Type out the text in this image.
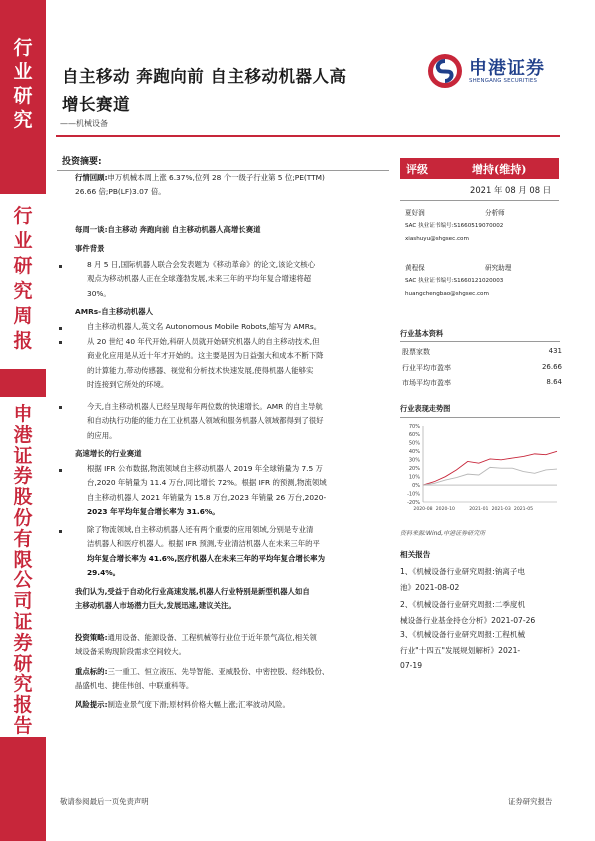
行
业
研
究
行
业
研
究
周
报
申
港
证
券
股
份
有
限
公
司
证
券
研
究
报
告
自主移动 奔跑向前 自主移动机器人高
增长赛道
——机械设备
申港证券
SHENGANG SECURITIES
投资摘要:
行情回顾:申万机械本周上涨 6.37%,位列 28 个一级子行业第 5 位;PE(TTM)
26.66 倍;PB(LF)3.07 倍。
每周一谈:自主移动 奔跑向前 自主移动机器人高增长赛道
事件背景
8 月 5 日,国际机器人联合会发表题为《移动革命》的论文,该论文核心
观点为移动机器人正在全球蓬勃发展,未来三年的平均年复合增速将超
30%。
AMRs-自主移动机器人
自主移动机器人,英文名 Autonomous Mobile Robots,缩写为 AMRs。
从 20 世纪 40 年代开始,科研人员就开始研究机器人的自主移动技术,但
商业化应用是从近十年才开始的。这主要是因为日益强大和成本不断下降
的计算能力,带动传感器、视觉和分析技术快速发展,使得机器人能够实
时连接到它所处的环境。
今天,自主移动机器人已经呈现每年两位数的快速增长。AMR 的自主导航
和自动执行功能的能力在工业机器人领域和服务机器人领域都得到了很好
的应用。
高速增长的行业赛道
根据 IFR 公布数据,物流领域自主移动机器人 2019 年全球销量为 7.5 万
台,2020 年销量为 11.4 万台,同比增长 72%。根据 IFR 的预测,物流领域
自主移动机器人 2021 年销量为 15.8 万台,2023 年销量 26 万台,2020-
2023 年平均年复合增长率为 31.6%。
除了物流领域,自主移动机器人还有两个重要的应用领域,分别是专业清
洁机器人和医疗机器人。根据 IFR 预测,专业清洁机器人在未来三年的平
均年复合增长率为 41.6%,医疗机器人在未来三年的平均年复合增长率为
29.4%。
我们认为,受益于自动化行业高速发展,机器人行业特别是新型机器人如自
主移动机器人市场潜力巨大,发展迅速,建议关注。
投资策略:通用设备、能源设备、工程机械等行业位于近年景气高位,相关领
域设备采购现阶段需求空间较大。
重点标的:三一重工、恒立液压、先导智能、亚威股份、中密控股、经纬股份、
晶盛机电、捷佳伟创、中联重科等。
风险提示:制造业景气度下滑;原材料价格大幅上涨;汇率波动风险。
评级	增持(维持)
2021 年 08 月 08 日
夏好润	分析师

SAC 执业证书编号:S1660519070002
xiashuyu@shgsec.com
黄程保	研究助理

SAC 执业证书编号:S1660121020003
huangchengbao@shgsec.com
行业基本资料
股票家数	431
行业平均市盈率	26.66
市场平均市盈率	8.64
行业表现走势图
-20%
-10%
0%
10%
20%
30%
40%
50%
60%
70%
2020-08 2020-10	2021-01 2021-03 2021-05
资料来源:Wind,申港证券研究所
相关报告
1、《机械设备行业研究周报:钠离子电
池》2021-08-02
2、《机械设备行业研究周报:二季度机
械设备行业基金持仓分析》2021-07-26
3、《机械设备行业研究周报:工程机械
行业"十四五"发展规划解析》2021-
07-19
敬请参阅最后一页免责声明	证券研究报告
